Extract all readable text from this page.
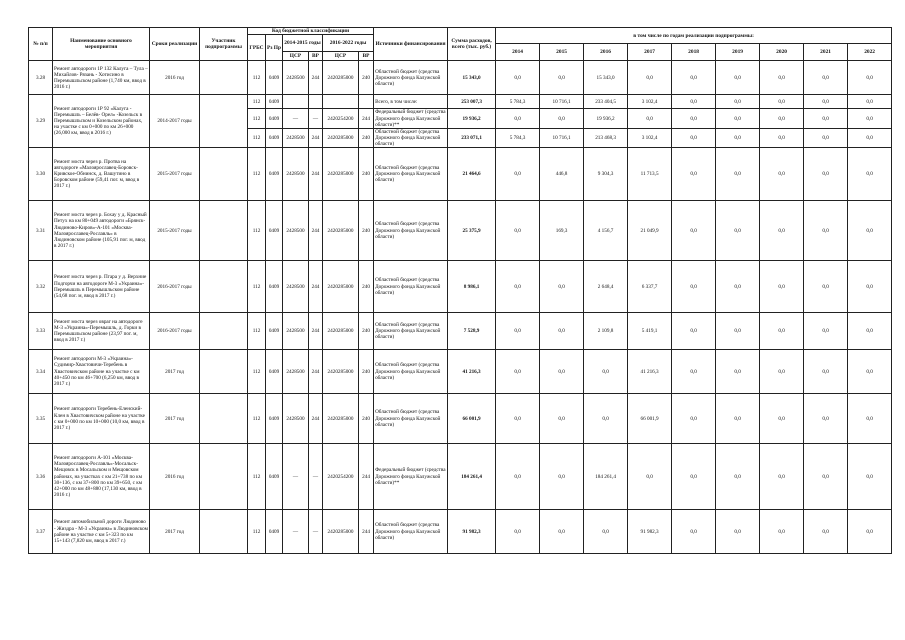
№ п/п	Наименование основного мероприятия	Сроки реализации	Участник подпрограммы	Код бюджетной классификации						Источники финансирования	Сумма расходов, всего (тыс. руб.)	в том числе по годам реализации подпрограммы:								
				ГРБС	Рз Пр	2014-2015 годы		2016-2022 годы												
												2014	2015	2016	2017	2018	2019	2020	2021	2022
						ЦСР	ВР	ЦСР	ВР											
3.28	Ремонт автодороги 1Р 132 Калуга – Тула – Михайлов- Рязань - Хотисино в Перемышльском районе (1,740 км, ввод в 2016 г.)	2016 год		112	0409	2428500	244	2420285000	240	Областной бюджет (средства Дорожного фонда Калужской области)	15 343,0	0,0	0,0	15 343,0	0,0	0,0	0,0	0,0	0,0	0,0
3.29	Ремонт автодороги 1Р 92 «Калуга - Перемышль – Белёв- Орел» -Козельск в Перемышльском и Козельском районах, на участке с км 0+000 по км 26+000 (26,000 км, ввод в 2016 г.)	2014-2017 годы		112	0409					Всего, в том числе:	253 007,3	5 784,3	10 716,1	233 404,5	3 102,4	0,0	0,0	0,0	0,0	0,0
				112	0409	—	—	2420254200	244	Федеральный бюджет (средства Дорожного фонда Калужской области)**	19 936,2	0,0	0,0	19 936,2	0,0	0,0	0,0	0,0	0,0	0,0
				112	0409	2428500	244	2420285000	240	Областной бюджет (средства Дорожного фонда Калужской области)	233 071,1	5 784,3	10 716,1	213 468,3	3 102,4	0,0	0,0	0,0	0,0	0,0
3.30	Ремонт моста через р. Протва на автодороге «Малоярославец-Боровск-Кривское-Обнинск, д. Вашутино в Боровском районе (59,41 пог. м, ввод в 2017 г.)	2015-2017 годы		112	0409	2428500	244	2420285000	240	Областной бюджет (средства Дорожного фонда Калужской области)	21 464,6	0,0	446,8	9 304,3	11 713,5	0,0	0,0	0,0	0,0	0,0
3.31	Ремонт моста через р. Бохау у д. Красный Петух на км 80+049 автодороги «Брянск-Людиново-Киров»-А-101 «Москва-Малоярославец-Рославль» в Людиновском районе (105,91 пог. м, ввод в 2017 г.)	2015-2017 годы		112	0409	2428500	244	2420285000	240	Областной бюджет (средства Дорожного фонда Калужской области)	25 375,9	0,0	169,3	4 156,7	21 049,9	0,0	0,0	0,0	0,0	0,0
3.32	Ремонт моста через р. Пгара у д. Верхние Подгорчи на автодороге М-3 «Украина»-Перемышль в Перемышльском районе (54,68 пог. м, ввод в 2017 г.)	2016-2017 годы		112	0409	2428500	244	2420285000	240	Областной бюджет (средства Дорожного фонда Калужской области)	8 986,1	0,0	0,0	2 648,4	6 337,7	0,0	0,0	0,0	0,0	0,0
3.33	Ремонт моста через овраг на автодороге М-3 «Украина»-Перемышль, д. Горки в Перемышльском районе (23,97 пог. м, ввод в 2017 г.)	2016-2017 годы		112	0409	2428500	244	2420285000	240	Областной бюджет (средства Дорожного фонда Калужской области)	7 528,9	0,0	0,0	2 109,8	5 419,1	0,0	0,0	0,0	0,0	0,0
3.34	Ремонт автодороги М-3 «Украина»-Судимир-Хвастовичи-Теребень в Хвастовичском районе на участке с км 40+450 по км 46+700 (6,250 км, ввод в 2017 г.)	2017 год		112	0409	2428500	244	2420285000	240	Областной бюджет (средства Дорожного фонда Калужской области)	41 216,3	0,0	0,0	0,0	41 216,3	0,0	0,0	0,0	0,0	0,0
3.35	Ремонт автодороги Теребень-Еленский-Клен в Хвастовичском районе на участке с км 0+000 по км 10+000 (10,0 км, ввод в 2017 г.)	2017 год		112	0409	2428500	244	2420285000	240	Областной бюджет (средства Дорожного фонда Калужской области)	66 001,9	0,0	0,0	0,0	66 001,9	0,0	0,0	0,0	0,0	0,0
3.36	Ремонт автодороги А-101 «Москва-Малоярославец-Рославль»-Мосальск-Мещовск в Мосальском и Мещовском районах, на участках с км 21+738 по км 30+136, с км 37+800 по км 39+650, с км 42+000 по км 48+880 (17,130 км, ввод в 2016 г.)	2016 год		112	0409	—	—	2420254200	244	Федеральный бюджет (средства Дорожного фонда Калужской области)**	184 261,4	0,0	0,0	184 261,4	0,0	0,0	0,0	0,0	0,0	0,0
3.37	Ремонт автомобильной дороги Людиново - Жиздра - М-3 «Украина» в Людиновском районе на участке с км 5+323 по км 15+143 (7,820 км, ввод в 2017 г.)	2017 год		112	0409	—	—	2420285000	244	Областной бюджет (средства Дорожного фонда Калужской области)	91 982,3	0,0	0,0	0,0	91 982,3	0,0	0,0	0,0	0,0	0,0
